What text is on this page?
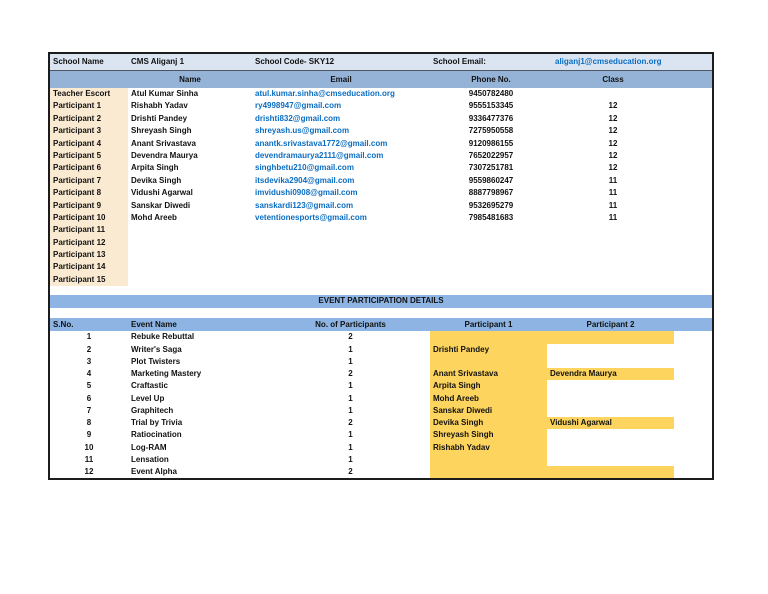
School Name	CMS Aliganj 1	School Code- SKY12	School Email:	aliganj1@cmseducation.org
Name	Email	Phone No.	Class
Teacher Escort	Atul Kumar Sinha	atul.kumar.sinha@cmseducation.org	9450782480
Participant 1	Rishabh Yadav	ry4998947@gmail.com	9555153345	12
Participant 2	Drishti Pandey	drishti832@gmail.com	9336477376	12
Participant 3	Shreyash Singh	shreyash.us@gmail.com	7275950558	12
Participant 4	Anant Srivastava	anantk.srivastava1772@gmail.com	9120986155	12
Participant 5	Devendra Maurya	devendramaurya2111@gmail.com	7652022957	12
Participant 6	Arpita Singh	singhbetu210@gmail.com	7307251781	12
Participant 7	Devika Singh	itsdevika2904@gmail.com	9559860247	11
Participant 8	Vidushi Agarwal	imvidushi0908@gmail.com	8887798967	11
Participant 9	Sanskar Diwedi	sanskardi123@gmail.com	9532695279	11
Participant 10	Mohd Areeb	vetentionesports@gmail.com	7985481683	11
Participant 11
Participant 12
Participant 13
Participant 14
Participant 15
EVENT PARTICIPATION DETAILS
S.No.	Event Name	No. of Participants	Participant 1	Participant 2
1	Rebuke Rebuttal	2
2	Writer's Saga	1	Drishti Pandey
3	Plot Twisters	1
4	Marketing Mastery	2	Anant Srivastava	Devendra Maurya
5	Craftastic	1	Arpita Singh
6	Level Up	1	Mohd Areeb
7	Graphitech	1	Sanskar Diwedi
8	Trial by Trivia	2	Devika Singh	Vidushi Agarwal
9	Ratiocination	1	Shreyash Singh
10	Log-RAM	1	Rishabh Yadav
11	Lensation	1
12	Event Alpha	2
